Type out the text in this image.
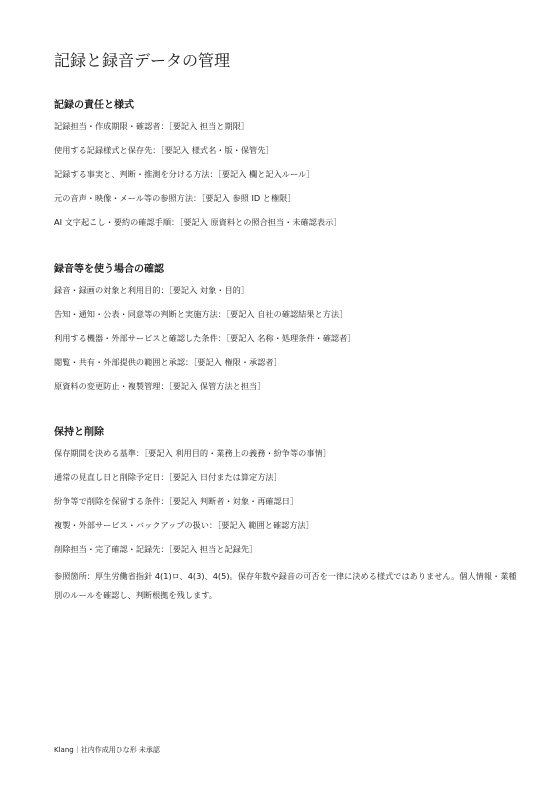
記録と録音データの管理
記録の責任と様式

記録担当・作成期限・確認者：［要記入 担当と期限］

使用する記録様式と保存先：［要記入 様式名・版・保管先］

記録する事実と、判断・推測を分ける方法：［要記入 欄と記入ルール］

元の音声・映像・メール等の参照方法：［要記入 参照 ID と権限］

AI 文字起こし・要約の確認手順：［要記入 原資料との照合担当・未確認表示］

録音等を使う場合の確認

録音・録画の対象と利用目的：［要記入 対象・目的］

告知・通知・公表・同意等の判断と実施方法：［要記入 自社の確認結果と方法］

利用する機器・外部サービスと確認した条件：［要記入 名称・処理条件・確認者］

閲覧・共有・外部提供の範囲と承認：［要記入 権限・承認者］

原資料の変更防止・複製管理：［要記入 保管方法と担当］

保持と削除

保存期間を決める基準：［要記入 利用目的・業務上の義務・紛争等の事情］

通常の見直し日と削除予定日：［要記入 日付または算定方法］

紛争等で削除を保留する条件：［要記入 判断者・対象・再確認日］

複製・外部サービス・バックアップの扱い：［要記入 範囲と確認方法］

削除担当・完了確認・記録先：［要記入 担当と記録先］

参照箇所：厚生労働省指針 4(1)ロ、4(3)、4(5)。保存年数や録音の可否を一律に決める様式ではありません。個人情報・業種別のルールを確認し、判断根拠を残します。

Klang｜社内作成用ひな形 未承認
